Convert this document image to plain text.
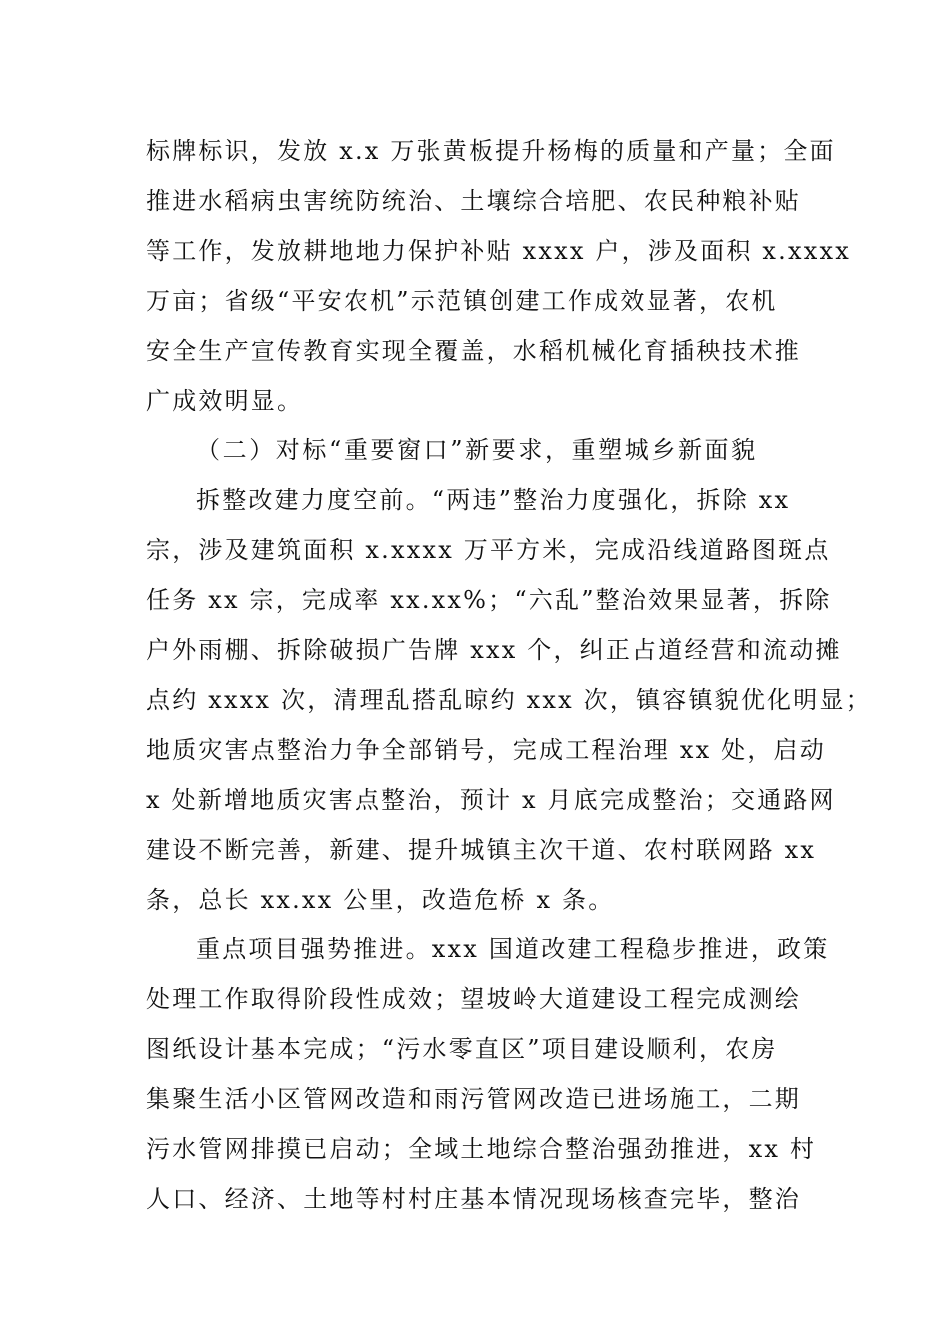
标牌标识，发放 x.x 万张黄板提升杨梅的质量和产量；全面

推进水稻病虫害统防统治、土壤综合培肥、农民种粮补贴

等工作，发放耕地地力保护补贴 xxxx 户，涉及面积 x.xxxx

万亩；省级“平安农机”示范镇创建工作成效显著，农机

安全生产宣传教育实现全覆盖，水稻机械化育插秧技术推

广成效明显。

（二）对标“重要窗口”新要求，重塑城乡新面貌

拆整改建力度空前。“两违”整治力度强化，拆除 xx

宗，涉及建筑面积 x.xxxx 万平方米，完成沿线道路图斑点

任务 xx 宗，完成率 xx.xx%；“六乱”整治效果显著，拆除

户外雨棚、拆除破损广告牌 xxx 个，纠正占道经营和流动摊

点约 xxxx 次，清理乱搭乱晾约 xxx 次，镇容镇貌优化明显；

地质灾害点整治力争全部销号，完成工程治理 xx 处，启动

x 处新增地质灾害点整治，预计 x 月底完成整治；交通路网

建设不断完善，新建、提升城镇主次干道、农村联网路 xx

条，总长 xx.xx 公里，改造危桥 x 条。

重点项目强势推进。xxx 国道改建工程稳步推进，政策

处理工作取得阶段性成效；望坡岭大道建设工程完成测绘

图纸设计基本完成；“污水零直区”项目建设顺利，农房

集聚生活小区管网改造和雨污管网改造已进场施工，二期

污水管网排摸已启动；全域土地综合整治强劲推进，xx 村

人口、经济、土地等村村庄基本情况现场核查完毕，整治
